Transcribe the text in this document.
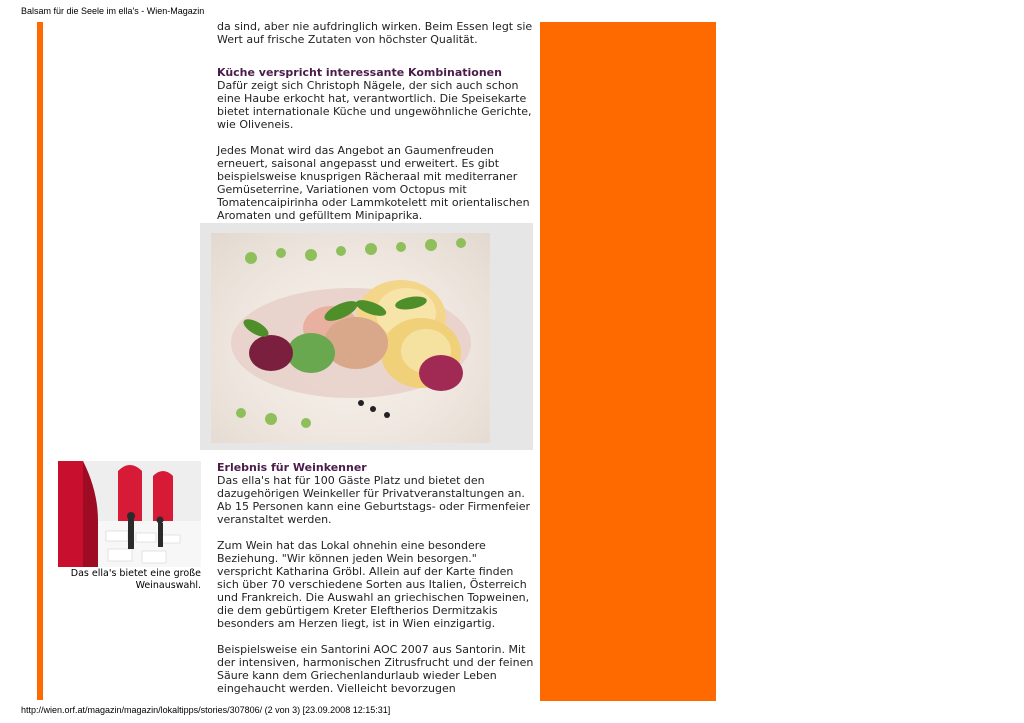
Balsam für die Seele im ella's - Wien-Magazin

da sind, aber nie aufdringlich wirken. Beim Essen legt sie Wert auf frische Zutaten von höchster Qualität.

Küche verspricht interessante Kombinationen

Dafür zeigt sich Christoph Nägele, der sich auch schon eine Haube erkocht hat, verantwortlich. Die Speisekarte bietet internationale Küche und ungewöhnliche Gerichte, wie Oliveneis.

Jedes Monat wird das Angebot an Gaumenfreuden erneuert, saisonal angepasst und erweitert. Es gibt beispielsweise knusprigen Rächeraal mit mediterraner Gemüseterrine, Variationen vom Octopus mit Tomatencaipirinha oder Lammkotelett mit orientalischen Aromaten und gefülltem Minipaprika.

Das ella's bietet eine große Weinauswahl.
Erlebnis für Weinkenner

Das ella's hat für 100 Gäste Platz und bietet den dazugehörigen Weinkeller für Privatveranstaltungen an. Ab 15 Personen kann eine Geburtstags- oder Firmenfeier veranstaltet werden.

Zum Wein hat das Lokal ohnehin eine besondere Beziehung. "Wir können jeden Wein besorgen." verspricht Katharina Gröbl. Allein auf der Karte finden sich über 70 verschiedene Sorten aus Italien, Österreich und Frankreich. Die Auswahl an griechischen Topweinen, die dem gebürtigem Kreter Eleftherios Dermitzakis besonders am Herzen liegt, ist in Wien einzigartig.

Beispielsweise ein Santorini AOC 2007 aus Santorin. Mit der intensiven, harmonischen Zitrusfrucht und der feinen Säure kann dem Griechenlandurlaub wieder Leben eingehaucht werden. Vielleicht bevorzugen

http://wien.orf.at/magazin/magazin/lokaltipps/stories/307806/ (2 von 3) [23.09.2008 12:15:31]
